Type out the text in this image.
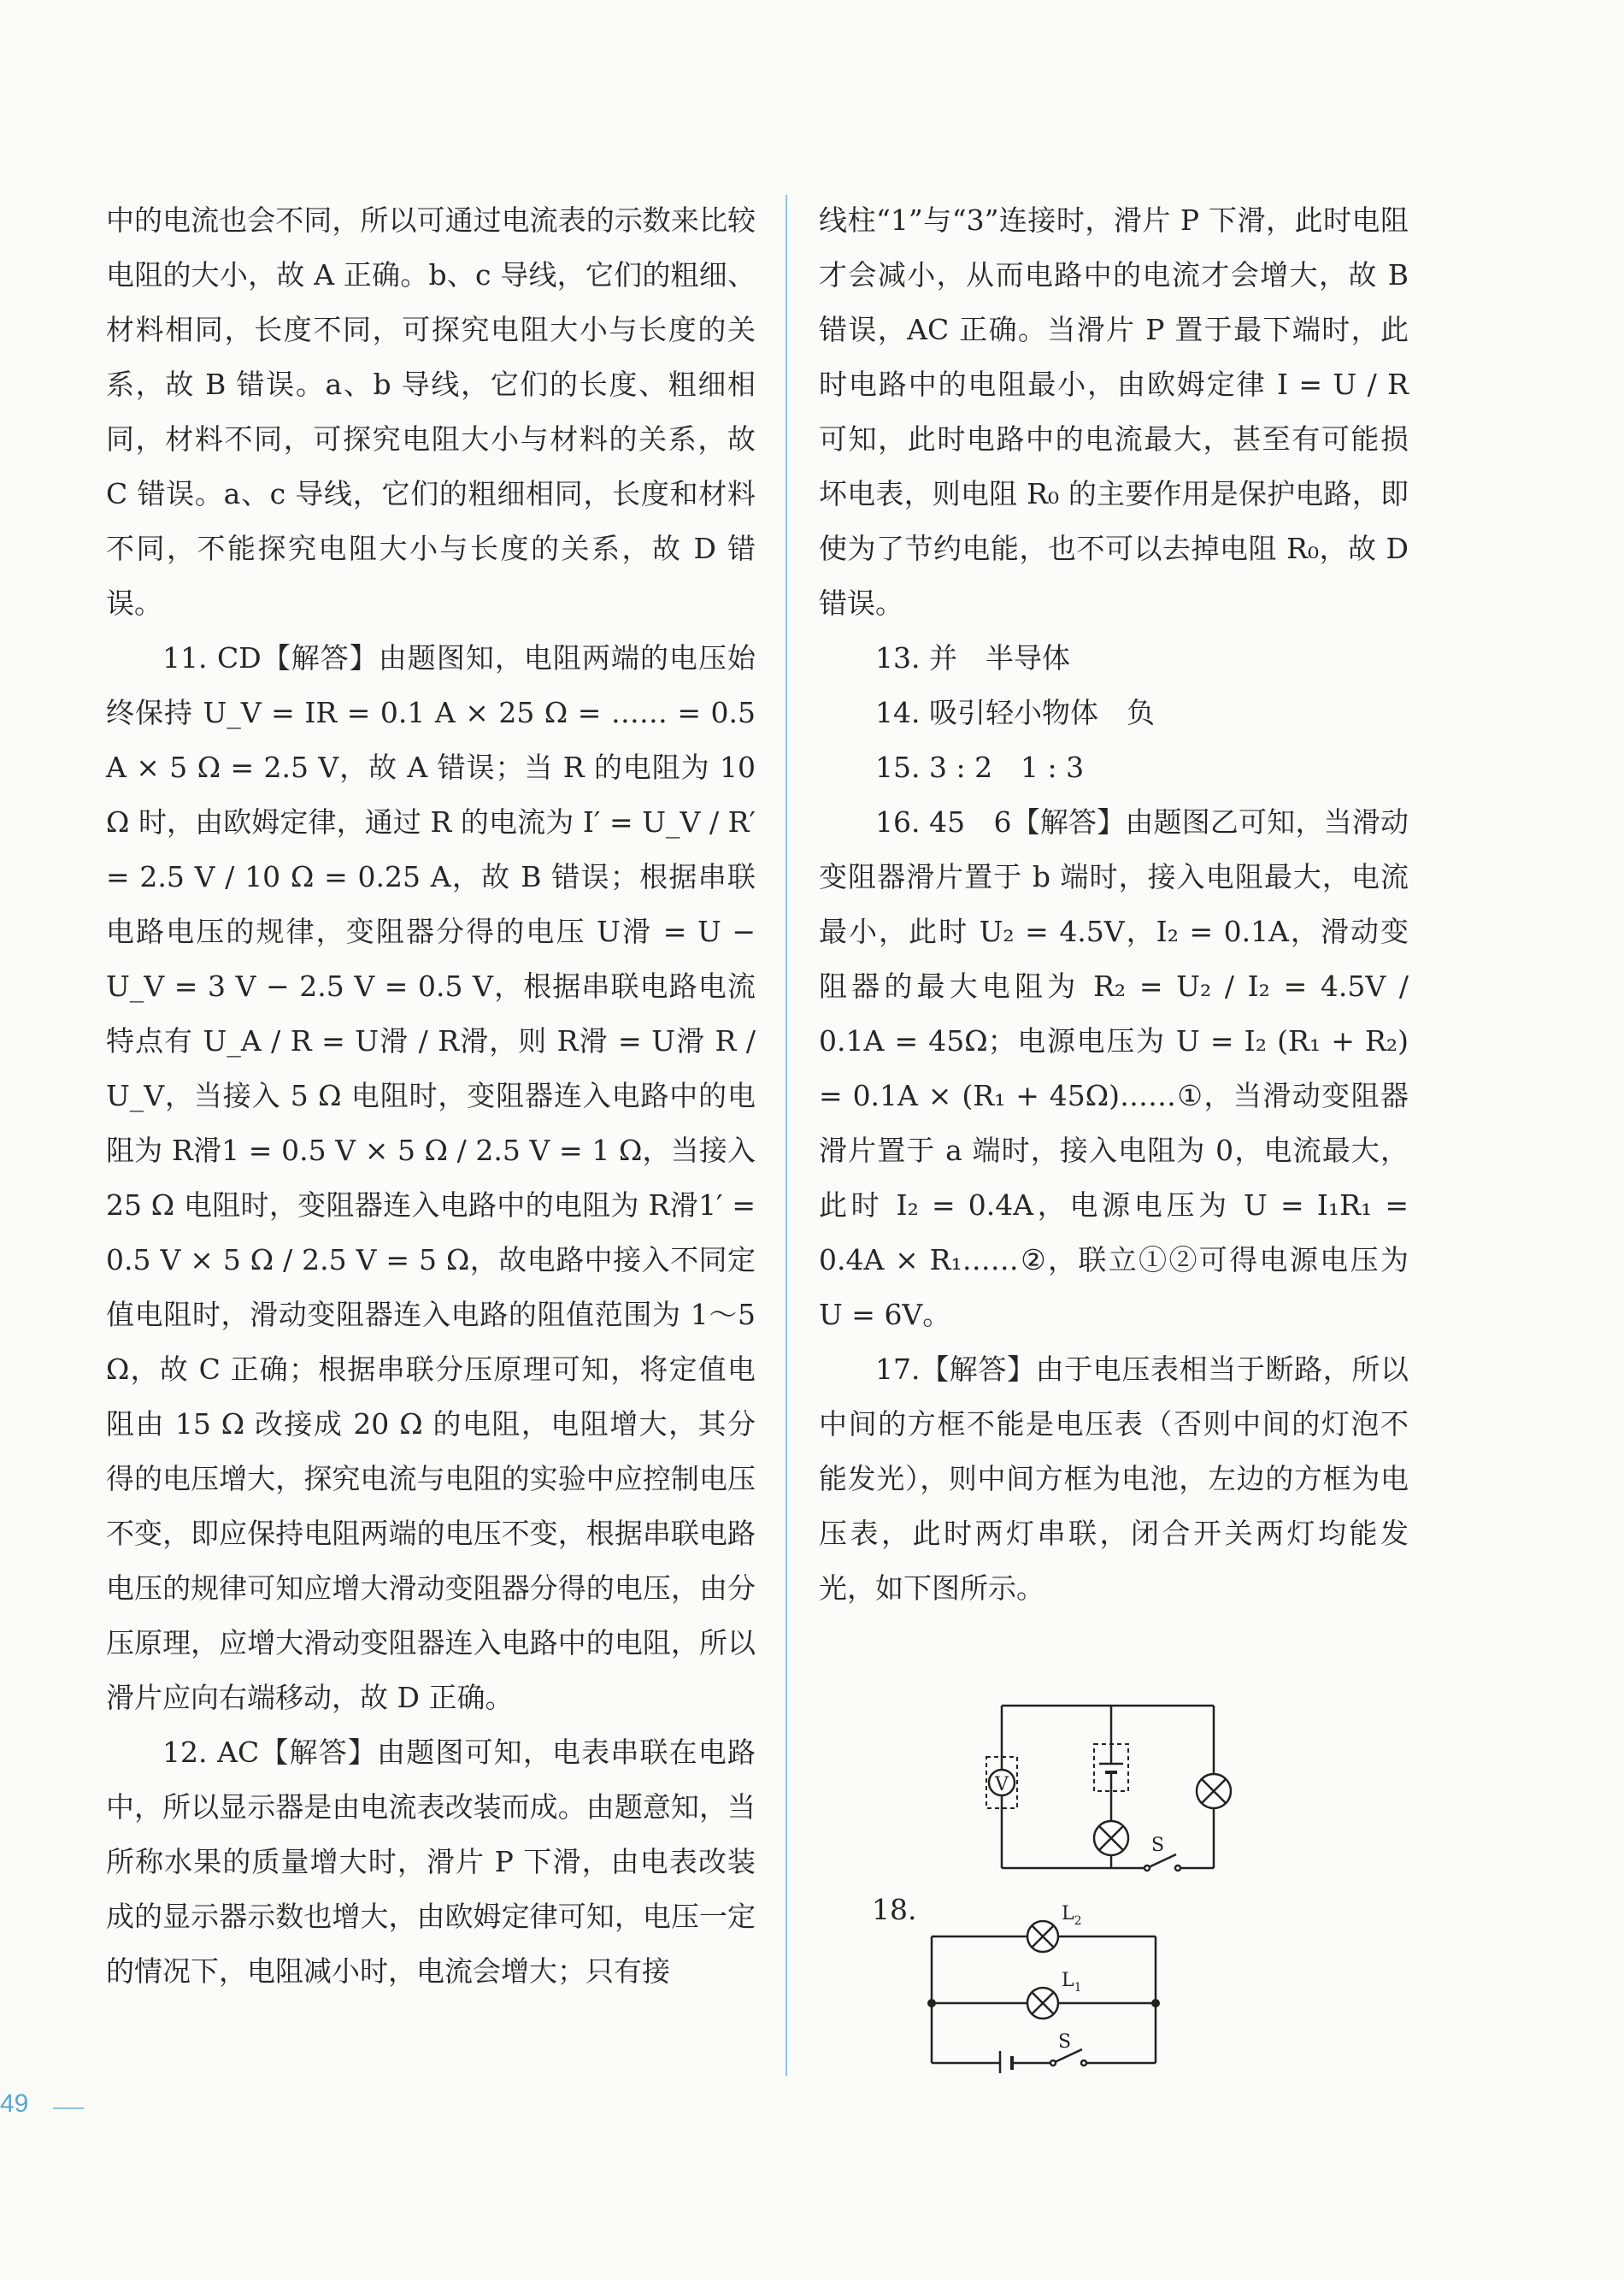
中的电流也会不同，所以可通过电流表的示数来比较电阻的大小，故 A 正确。b、c 导线，它们的粗细、材料相同，长度不同，可探究电阻大小与长度的关系，故 B 错误。a、b 导线，它们的长度、粗细相同，材料不同，可探究电阻大小与材料的关系，故 C 错误。a、c 导线，它们的粗细相同，长度和材料不同，不能探究电阻大小与长度的关系，故 D 错误。

11. CD【解答】由题图知，电阻两端的电压始终保持 U_V = IR = 0.1 A × 25 Ω = …… = 0.5 A × 5 Ω = 2.5 V，故 A 错误；当 R 的电阻为 10 Ω 时，由欧姆定律，通过 R 的电流为 I′ = U_V / R′ = 2.5 V / 10 Ω = 0.25 A，故 B 错误；根据串联电路电压的规律，变阻器分得的电压 U滑 = U − U_V = 3 V − 2.5 V = 0.5 V，根据串联电路电流特点有 U_A / R = U滑 / R滑，则 R滑 = U滑 R / U_V，当接入 5 Ω 电阻时，变阻器连入电路中的电阻为 R滑1 = 0.5 V × 5 Ω / 2.5 V = 1 Ω，当接入 25 Ω 电阻时，变阻器连入电路中的电阻为 R滑1′ = 0.5 V × 5 Ω / 2.5 V = 5 Ω，故电路中接入不同定值电阻时，滑动变阻器连入电路的阻值范围为 1～5 Ω，故 C 正确；根据串联分压原理可知，将定值电阻由 15 Ω 改接成 20 Ω 的电阻，电阻增大，其分得的电压增大，探究电流与电阻的实验中应控制电压不变，即应保持电阻两端的电压不变，根据串联电路电压的规律可知应增大滑动变阻器分得的电压，由分压原理，应增大滑动变阻器连入电路中的电阻，所以滑片应向右端移动，故 D 正确。

12. AC【解答】由题图可知，电表串联在电路中，所以显示器是由电流表改装而成。由题意知，当所称水果的质量增大时，滑片 P 下滑，由电表改装成的显示器示数也增大，由欧姆定律可知，电压一定的情况下，电阻减小时，电流会增大；只有接

线柱“1”与“3”连接时，滑片 P 下滑，此时电阻才会减小，从而电路中的电流才会增大，故 B 错误，AC 正确。当滑片 P 置于最下端时，此时电路中的电阻最小，由欧姆定律 I = U / R 可知，此时电路中的电流最大，甚至有可能损坏电表，则电阻 R₀ 的主要作用是保护电路，即使为了节约电能，也不可以去掉电阻 R₀，故 D 错误。

13. 并　半导体

14. 吸引轻小物体　负

15. 3 : 2　1 : 3

16. 45　6【解答】由题图乙可知，当滑动变阻器滑片置于 b 端时，接入电阻最大，电流最小，此时 U₂ = 4.5V，I₂ = 0.1A，滑动变阻器的最大电阻为 R₂ = U₂ / I₂ = 4.5V / 0.1A = 45Ω；电源电压为 U = I₂ (R₁ + R₂) = 0.1A × (R₁ + 45Ω)……①，当滑动变阻器滑片置于 a 端时，接入电阻为 0，电流最大，此时 I₂ = 0.4A，电源电压为 U = I₁R₁ = 0.4A × R₁……②，联立①②可得电源电压为 U = 6V。

17.【解答】由于电压表相当于断路，所以中间的方框不能是电压表（否则中间的灯泡不能发光），则中间方框为电池，左边的方框为电压表，此时两灯串联，闭合开关两灯均能发光，如下图所示。

V
S
18.	$L_2$
$L_1$
S
49
